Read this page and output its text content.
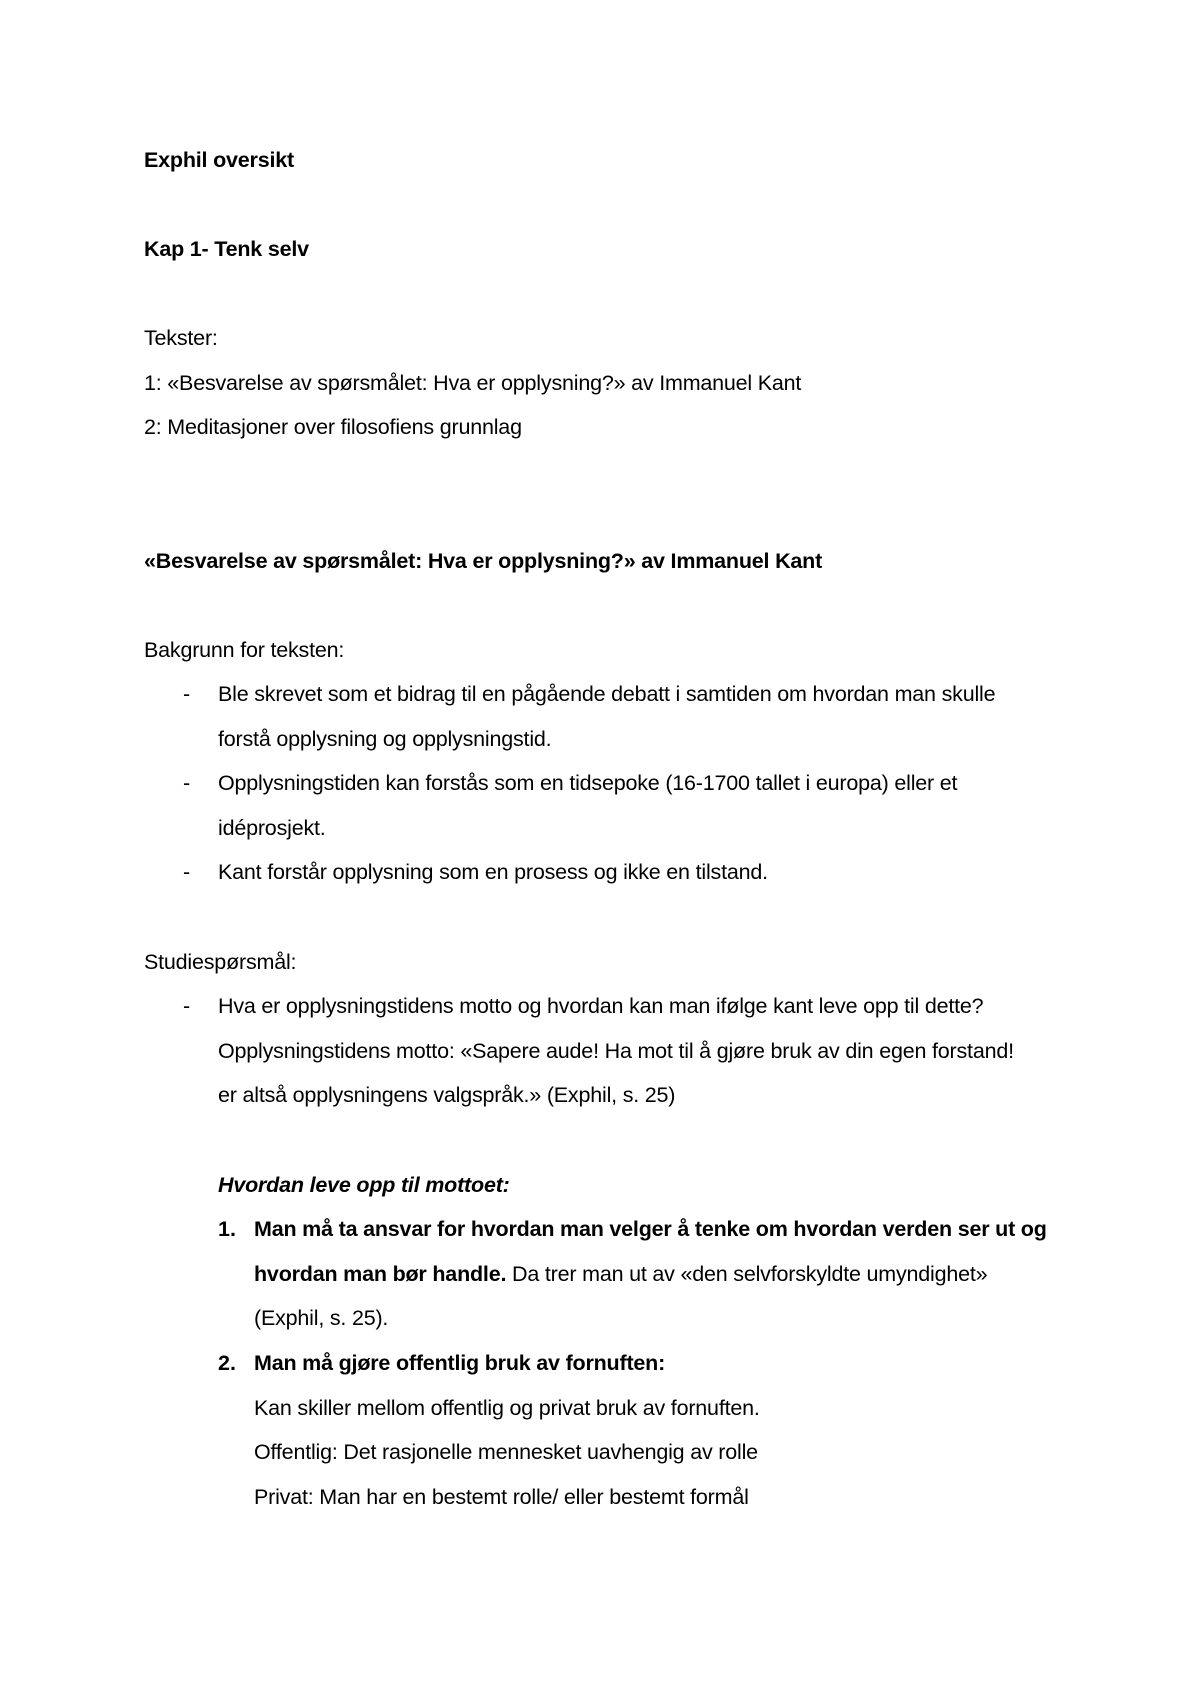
Exphil oversikt

Kap 1- Tenk selv

Tekster:

1: «Besvarelse av spørsmålet: Hva er opplysning?» av Immanuel Kant

2: Meditasjoner over filosofiens grunnlag

«Besvarelse av spørsmålet: Hva er opplysning?» av Immanuel Kant

Bakgrunn for teksten:

- Ble skrevet som et bidrag til en pågående debatt i samtiden om hvordan man skulle

forstå opplysning og opplysningstid.

- Opplysningstiden kan forstås som en tidsepoke (16-1700 tallet i europa) eller et

idéprosjekt.

- Kant forstår opplysning som en prosess og ikke en tilstand.

Studiespørsmål:

- Hva er opplysningstidens motto og hvordan kan man ifølge kant leve opp til dette?

Opplysningstidens motto: «Sapere aude! Ha mot til å gjøre bruk av din egen forstand!

er altså opplysningens valgspråk.» (Exphil, s. 25)

Hvordan leve opp til mottoet:

1. Man må ta ansvar for hvordan man velger å tenke om hvordan verden ser ut og

hvordan man bør handle. Da trer man ut av «den selvforskyldte umyndighet»

(Exphil, s. 25).

2. Man må gjøre offentlig bruk av fornuften:

Kan skiller mellom offentlig og privat bruk av fornuften.

Offentlig: Det rasjonelle mennesket uavhengig av rolle

Privat: Man har en bestemt rolle/ eller bestemt formål
